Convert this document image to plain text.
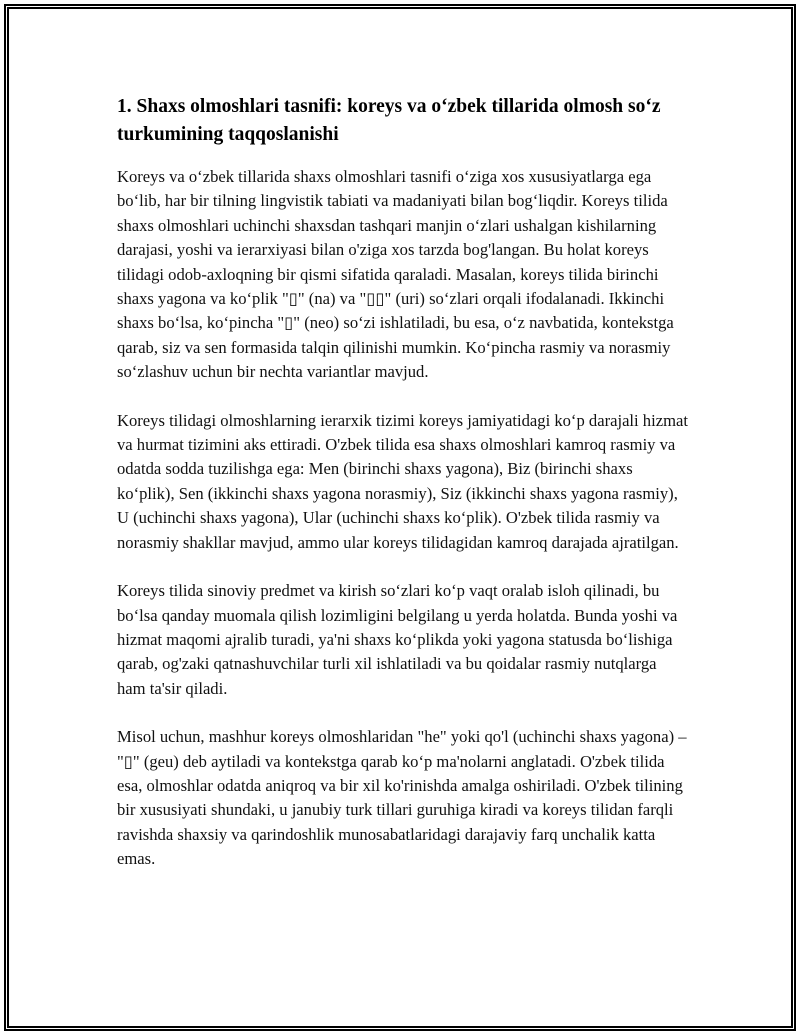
1. Shaxs olmoshlari tasnifi: koreys va o‘zbek tillarida olmosh so‘z turkumining taqqoslanishi

Koreys va o‘zbek tillarida shaxs olmoshlari tasnifi o‘ziga xos xususiyatlarga ega bo‘lib, har bir tilning lingvistik tabiati va madaniyati bilan bog‘liqdir. Koreys tilida shaxs olmoshlari uchinchi shaxsdan tashqari manjin o‘zlari ushalgan kishilarning darajasi, yoshi va ierarxiyasi bilan o'ziga xos tarzda bog'langan. Bu holat koreys tilidagi odob-axloqning bir qismi sifatida qaraladi. Masalan, koreys tilida birinchi shaxs yagona va ko‘plik "▯" (na) va "▯▯" (uri) so‘zlari orqali ifodalanadi. Ikkinchi shaxs bo‘lsa, ko‘pincha "▯" (neo) so‘zi ishlatiladi, bu esa, o‘z navbatida, kontekstga qarab, siz va sen formasida talqin qilinishi mumkin. Ko‘pincha rasmiy va norasmiy so‘zlashuv uchun bir nechta variantlar mavjud.

Koreys tilidagi olmoshlarning ierarxik tizimi koreys jamiyatidagi ko‘p darajali hizmat va hurmat tizimini aks ettiradi. O'zbek tilida esa shaxs olmoshlari kamroq rasmiy va odatda sodda tuzilishga ega: Men (birinchi shaxs yagona), Biz (birinchi shaxs ko‘plik), Sen (ikkinchi shaxs yagona norasmiy), Siz (ikkinchi shaxs yagona rasmiy), U (uchinchi shaxs yagona), Ular (uchinchi shaxs ko‘plik). O'zbek tilida rasmiy va norasmiy shakllar mavjud, ammo ular koreys tilidagidan kamroq darajada ajratilgan.

Koreys tilida sinoviy predmet va kirish so‘zlari ko‘p vaqt oralab isloh qilinadi, bu bo‘lsa qanday muomala qilish lozimligini belgilang u yerda holatda. Bunda yoshi va hizmat maqomi ajralib turadi, ya'ni shaxs ko‘plikda yoki yagona statusda bo‘lishiga qarab, og'zaki qatnashuvchilar turli xil ishlatiladi va bu qoidalar rasmiy nutqlarga ham ta'sir qiladi.

Misol uchun, mashhur koreys olmoshlaridan "he" yoki qo'l (uchinchi shaxs yagona) – "▯" (geu) deb aytiladi va kontekstga qarab ko‘p ma'nolarni anglatadi. O'zbek tilida esa, olmoshlar odatda aniqroq va bir xil ko'rinishda amalga oshiriladi. O'zbek tilining bir xususiyati shundaki, u janubiy turk tillari guruhiga kiradi va koreys tilidan farqli ravishda shaxsiy va qarindoshlik munosabatlaridagi darajaviy farq unchalik katta emas.
